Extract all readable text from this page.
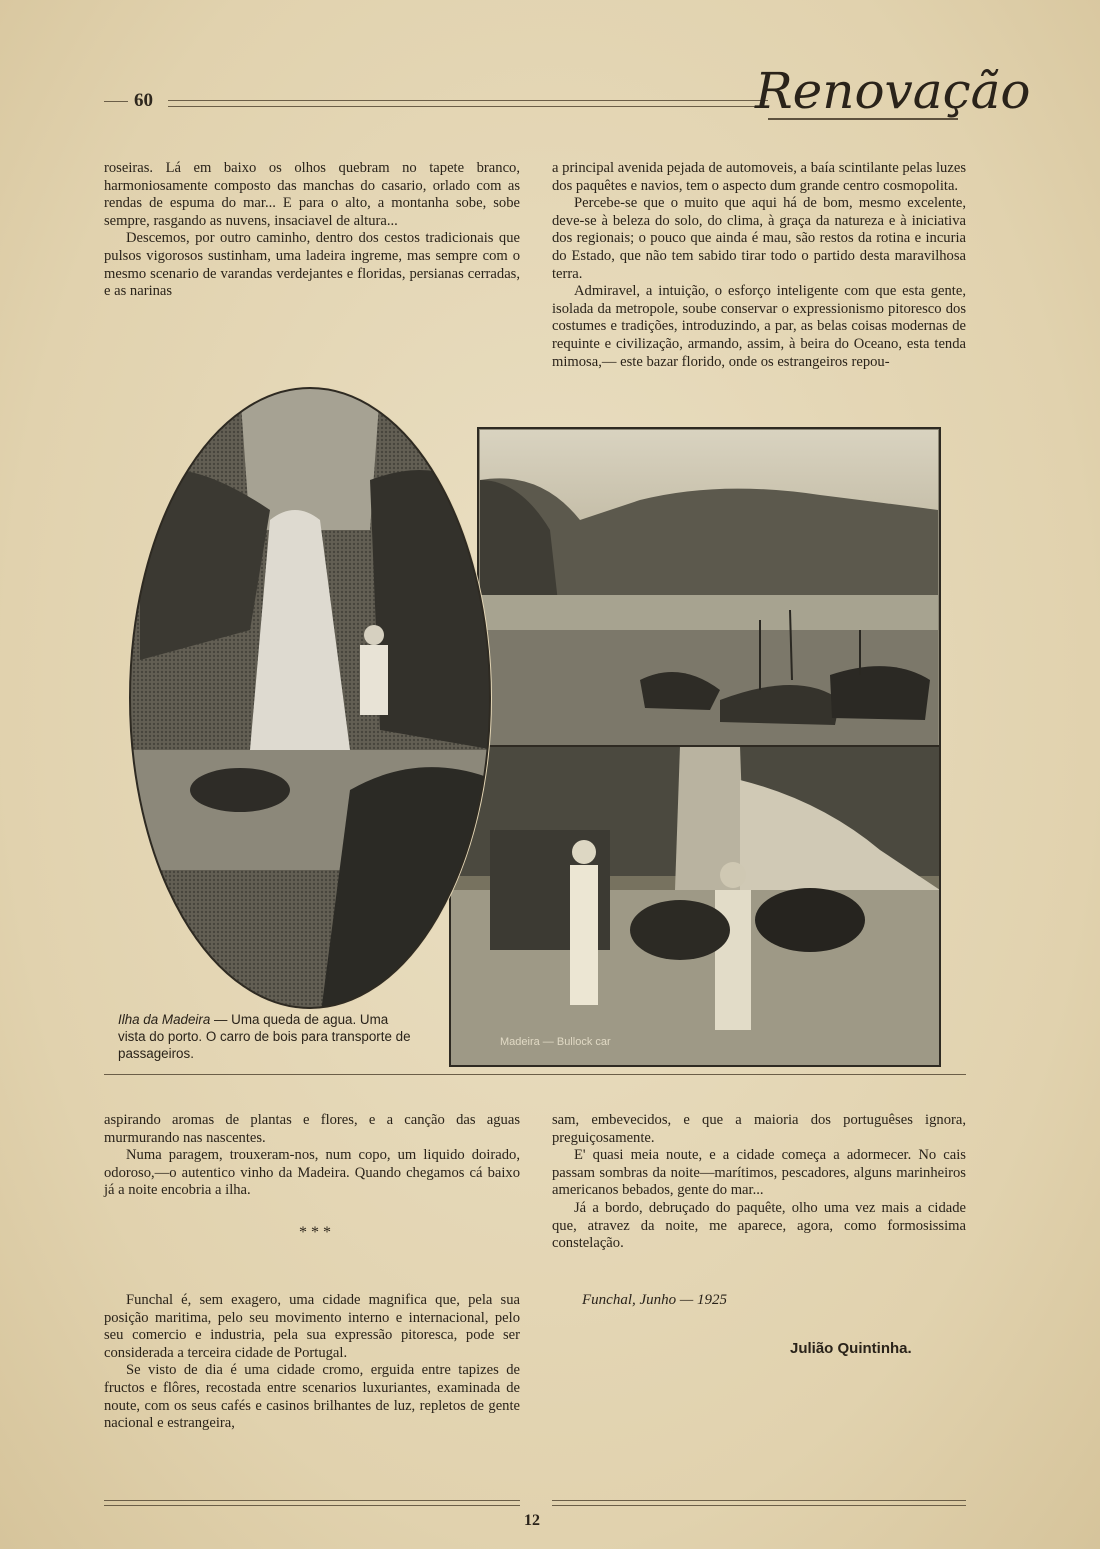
60	Renovação

roseiras. Lá em baixo os olhos quebram no tapete branco, harmoniosamente composto das manchas do casario, orlado com as rendas de espuma do mar... E para o alto, a montanha sobe, sobe sempre, rasgando as nuvens, insaciavel de altura...

Descemos, por outro caminho, dentro dos cestos tradicionais que pulsos vigorosos sustinham, uma ladeira ingreme, mas sempre com o mesmo scenario de varandas verdejantes e floridas, persianas cerradas, e as narinas

a principal avenida pejada de automoveis, a baía scintilante pelas luzes dos paquêtes e navios, tem o aspecto dum grande centro cosmopolita.

Percebe-se que o muito que aqui há de bom, mesmo excelente, deve-se à beleza do solo, do clima, à graça da natureza e à iniciativa dos regionais; o pouco que ainda é mau, são restos da rotina e incuria do Estado, que não tem sabido tirar todo o partido desta maravilhosa terra.

Admiravel, a intuição, o esforço inteligente com que esta gente, isolada da metropole, soube conservar o expressionismo pitoresco dos costumes e tradições, introduzindo, a par, as belas coisas modernas de requinte e civilização, armando, assim, à beira do Oceano, esta tenda mimosa,— este bazar florido, onde os estrangeiros repou-

Madeira — Bullock car
Ilha da Madeira — Uma queda de agua. Uma vista do porto. O carro de bois para transporte de passageiros.

aspirando aromas de plantas e flores, e a canção das aguas murmurando nas nascentes.

Numa paragem, trouxeram-nos, num copo, um liquido doirado, odoroso,—o autentico vinho da Madeira. Quando chegamos cá baixo já a noite encobria a ilha.

* * *

Funchal é, sem exagero, uma cidade magnifica que, pela sua posição maritima, pelo seu movimento interno e internacional, pelo seu comercio e industria, pela sua expressão pitoresca, pode ser considerada a terceira cidade de Portugal.

Se visto de dia é uma cidade cromo, erguida entre tapizes de fructos e flôres, recostada entre scenarios luxuriantes, examinada de noute, com os seus cafés e casinos brilhantes de luz, repletos de gente nacional e estrangeira,

sam, embevecidos, e que a maioria dos portuguêses ignora, preguiçosamente.

E' quasi meia noute, e a cidade começa a adormecer. No cais passam sombras da noite—marítimos, pescadores, alguns marinheiros americanos bebados, gente do mar...

Já a bordo, debruçado do paquête, olho uma vez mais a cidade que, atravez da noite, me aparece, agora, como formosissima constelação.

Funchal, Junho — 1925
Julião Quintinha.
12
